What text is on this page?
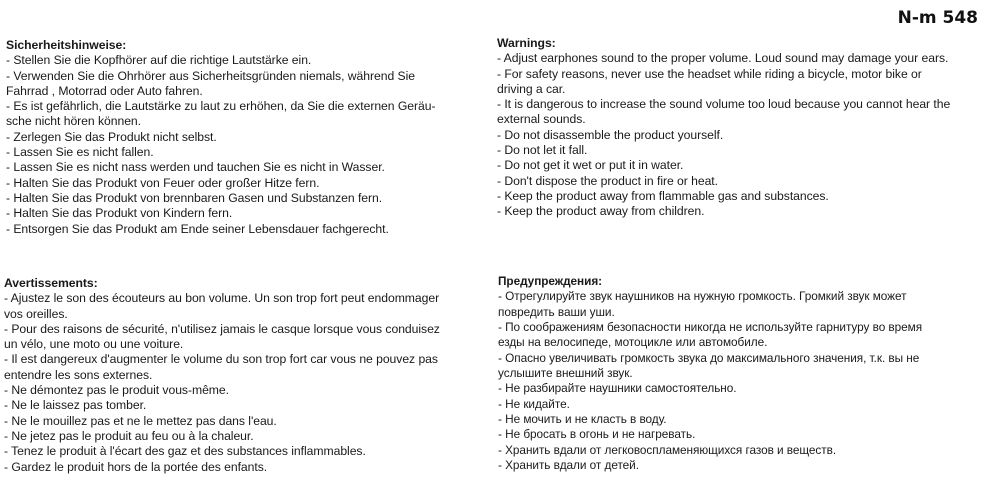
N-m 548
Sicherheitshinweise:
- Stellen Sie die Kopfhörer auf die richtige Lautstärke ein.
- Verwenden Sie die Ohrhörer aus Sicherheitsgründen niemals, während Sie
Fahrrad , Motorrad oder Auto fahren.
- Es ist gefährlich, die Lautstärke zu laut zu erhöhen, da Sie die externen Geräu-
sche nicht hören können.
- Zerlegen Sie das Produkt nicht selbst.
- Lassen Sie es nicht fallen.
- Lassen Sie es nicht nass werden und tauchen Sie es nicht in Wasser.
- Halten Sie das Produkt von Feuer oder großer Hitze fern.
- Halten Sie das Produkt von brennbaren Gasen und Substanzen fern.
- Halten Sie das Produkt von Kindern fern.
- Entsorgen Sie das Produkt am Ende seiner Lebensdauer fachgerecht.
Warnings:
- Adjust earphones sound to the proper volume. Loud sound may damage your ears.
- For safety reasons, never use the headset while riding a bicycle, motor bike or
driving a car.
- It is dangerous to increase the sound volume too loud because you cannot hear the
external sounds.
- Do not disassemble the product yourself.
- Do not let it fall.
- Do not get it wet or put it in water.
- Don't dispose the product in fire or heat.
- Keep the product away from flammable gas and substances.
- Keep the product away from children.
Avertissements:
- Ajustez le son des écouteurs au bon volume. Un son trop fort peut endommager
vos oreilles.
- Pour des raisons de sécurité, n'utilisez jamais le casque lorsque vous conduisez
un vélo, une moto ou une voiture.
- Il est dangereux d'augmenter le volume du son trop fort car vous ne pouvez pas
entendre les sons externes.
- Ne démontez pas le produit vous-même.
- Ne le laissez pas tomber.
- Ne le mouillez pas et ne le mettez pas dans l'eau.
- Ne jetez pas le produit au feu ou à la chaleur.
- Tenez le produit à l'écart des gaz et des substances inflammables.
- Gardez le produit hors de la portée des enfants.
Предупреждения:
- Отрегулируйте звук наушников на нужную громкость. Громкий звук может
повредить ваши уши.
- По соображениям безопасности никогда не используйте гарнитуру во время
езды на велосипеде, мотоцикле или автомобиле.
- Опасно увеличивать громкость звука до максимального значения, т.к. вы не
услышите внешний звук.
- Не разбирайте наушники самостоятельно.
- Не кидайте.
- Не мочить и не класть в воду.
- Не бросать в огонь и не нагревать.
- Хранить вдали от легковоспламеняющихся газов и веществ.
- Хранить вдали от детей.
